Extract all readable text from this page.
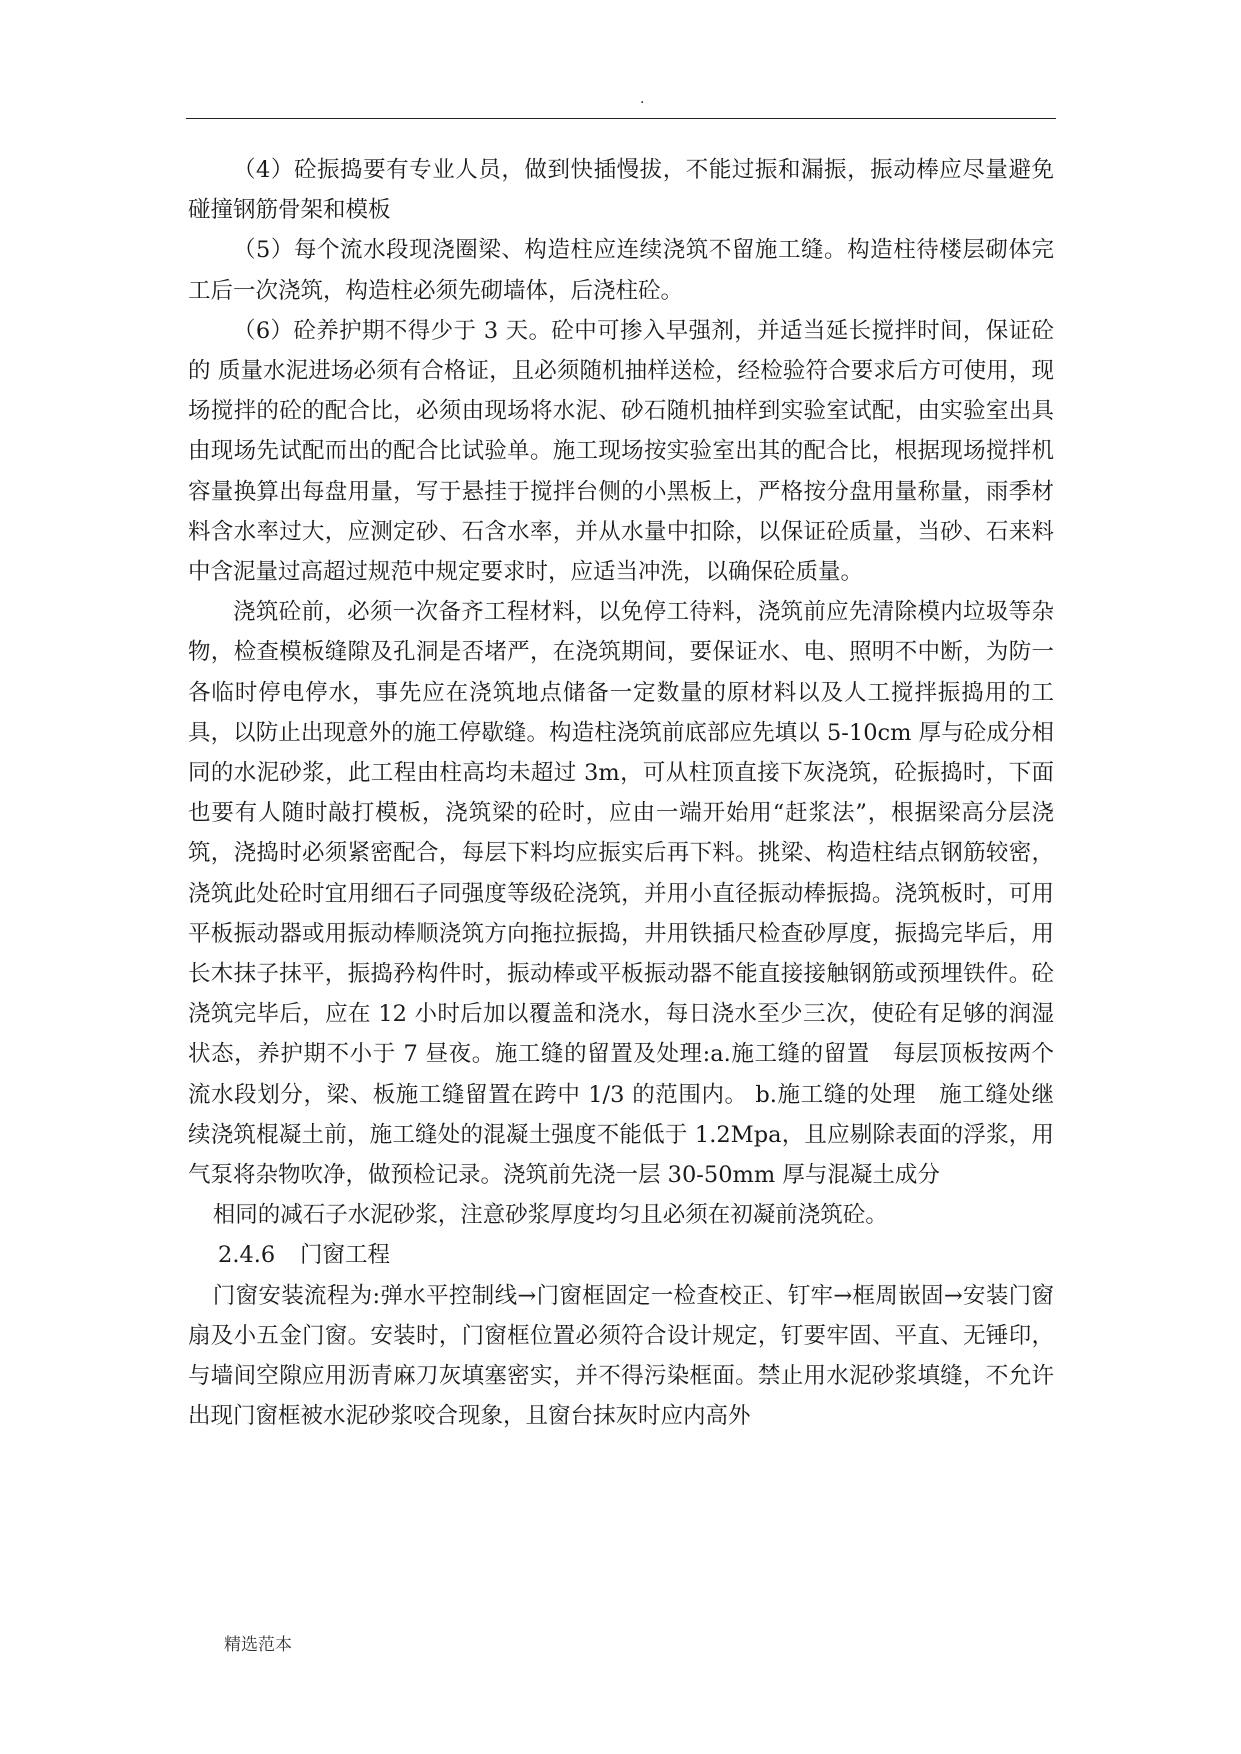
.

（4）砼振捣要有专业人员，做到快插慢拔，不能过振和漏振，振动棒应尽量避免 碰撞钢筋骨架和模板

（5）每个流水段现浇圈梁、构造柱应连续浇筑不留施工缝。构造柱待楼层砌体完 工后一次浇筑，构造柱必须先砌墙体，后浇柱砼。

（6）砼养护期不得少于 3 天。砼中可掺入早强剂，并适当延长搅拌时间，保证砼的 质量水泥进场必须有合格证，且必须随机抽样送检，经检验符合要求后方可使用，现场搅拌的砼的配合比，必须由现场将水泥、砂石随机抽样到实验室试配，由实验室出具由现场先试配而出的配合比试验单。施工现场按实验室出其的配合比，根据现场搅拌机容量换算出每盘用量，写于悬挂于搅拌台侧的小黑板上，严格按分盘用量称量，雨季材料含水率过大，应测定砂、石含水率，并从水量中扣除，以保证砼质量，当砂、石来料中含泥量过高超过规范中规定要求时，应适当冲洗，以确保砼质量。

浇筑砼前，必须一次备齐工程材料，以免停工待料，浇筑前应先清除模内垃圾等杂物，检查模板缝隙及孔洞是否堵严，在浇筑期间，要保证水、电、照明不中断，为防一各临时停电停水，事先应在浇筑地点储备一定数量的原材料以及人工搅拌振捣用的工具，以防止出现意外的施工停歇缝。构造柱浇筑前底部应先填以 5-10cm 厚与砼成分相同的水泥砂浆，此工程由柱高均未超过 3m，可从柱顶直接下灰浇筑，砼振捣时，下面也要有人随时敲打模板，浇筑梁的砼时，应由一端开始用“赶浆法”，根据梁高分层浇筑，浇捣时必须紧密配合，每层下料均应振实后再下料。挑梁、构造柱结点钢筋较密，浇筑此处砼时宜用细石子同强度等级砼浇筑，并用小直径振动棒振捣。浇筑板时，可用平板振动器或用振动棒顺浇筑方向拖拉振捣，井用铁插尺检查砂厚度，振捣完毕后，用长木抹子抹平，振捣矜构件时，振动棒或平板振动器不能直接接触钢筋或预埋铁件。砼浇筑完毕后，应在 12 小时后加以覆盖和浇水，每日浇水至少三次，使砼有足够的润湿状态，养护期不小于 7 昼夜。施工缝的留置及处理:a.施工缝的留置　每层顶板按两个流水段划分，梁、板施工缝留置在跨中 1/3 的范围内。 b.施工缝的处理　施工缝处继续浇筑棍凝土前，施工缝处的混凝土强度不能低于 1.2Mpa，且应剔除表面的浮浆，用气泵将杂物吹净，做预检记录。浇筑前先浇一层 30-50mm 厚与混凝土成分

相同的减石子水泥砂浆，注意砂浆厚度均匀且必须在初凝前浇筑砼。

2.4.6 门窗工程

门窗安装流程为:弹水平控制线→门窗框固定一检查校正、钉牢→框周嵌固→安装门窗扇及小五金门窗。安装时，门窗框位置必须符合设计规定，钉要牢固、平直、无锤印，与墙间空隙应用沥青麻刀灰填塞密实，并不得污染框面。禁止用水泥砂浆填缝，不允许出现门窗框被水泥砂浆咬合现象，且窗台抹灰时应内高外

精选范本
